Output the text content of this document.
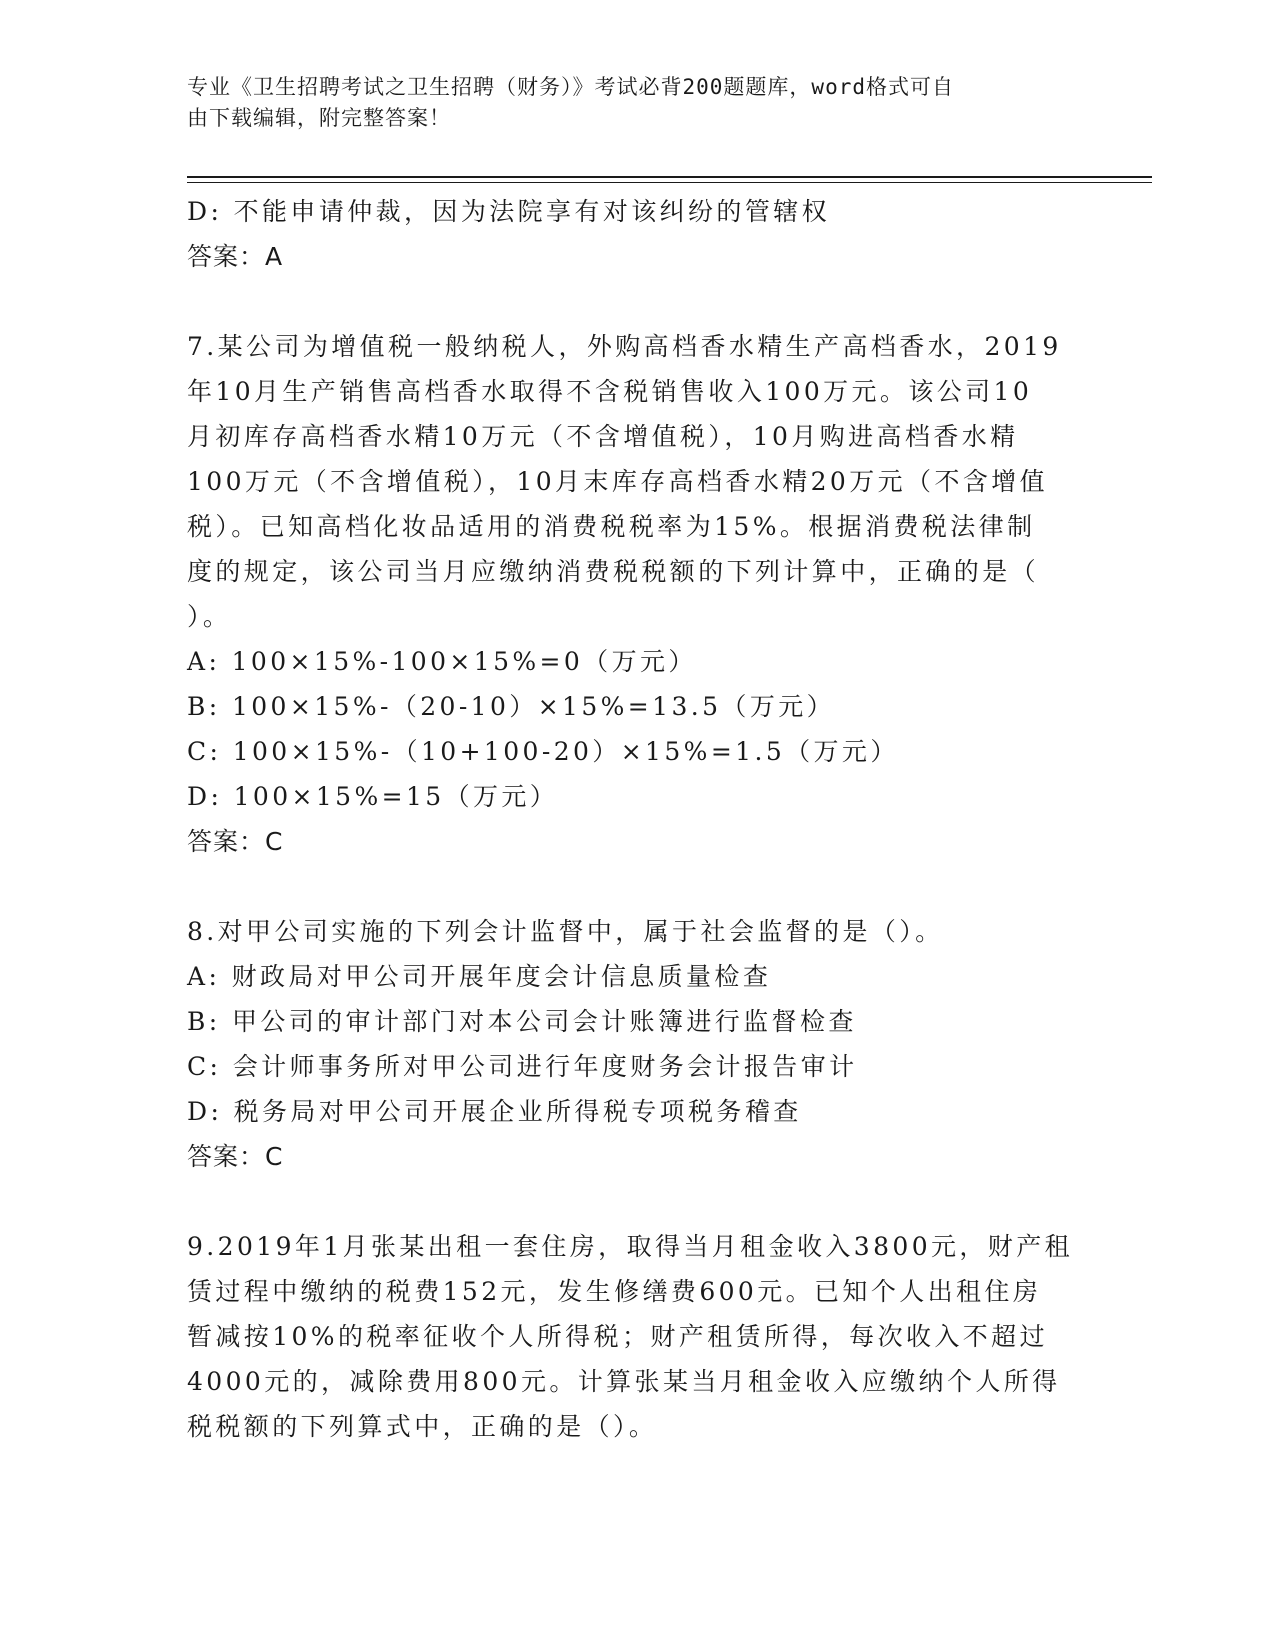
专业《卫生招聘考试之卫生招聘（财务）》考试必背200题题库，word格式可自
由下载编辑，附完整答案！

D: 不能申请仲裁，因为法院享有对该纠纷的管辖权

答案：A

7.某公司为增值税一般纳税人，外购高档香水精生产高档香水，2019

年10月生产销售高档香水取得不含税销售收入100万元。该公司10

月初库存高档香水精10万元（不含增值税），10月购进高档香水精

100万元（不含增值税），10月末库存高档香水精20万元（不含增值

税）。已知高档化妆品适用的消费税税率为15%。根据消费税法律制

度的规定，该公司当月应缴纳消费税税额的下列计算中，正确的是（

）。

A: 100×15%-100×15%=0（万元）

B: 100×15%-（20-10）×15%=13.5（万元）

C: 100×15%-（10+100-20）×15%=1.5（万元）

D: 100×15%=15（万元）

答案：C

8.对甲公司实施的下列会计监督中，属于社会监督的是（）。

A: 财政局对甲公司开展年度会计信息质量检查

B: 甲公司的审计部门对本公司会计账簿进行监督检查

C: 会计师事务所对甲公司进行年度财务会计报告审计

D: 税务局对甲公司开展企业所得税专项税务稽查

答案：C

9.2019年1月张某出租一套住房，取得当月租金收入3800元，财产租

赁过程中缴纳的税费152元，发生修缮费600元。已知个人出租住房

暂减按10%的税率征收个人所得税；财产租赁所得，每次收入不超过

4000元的，减除费用800元。计算张某当月租金收入应缴纳个人所得

税税额的下列算式中，正确的是（）。
